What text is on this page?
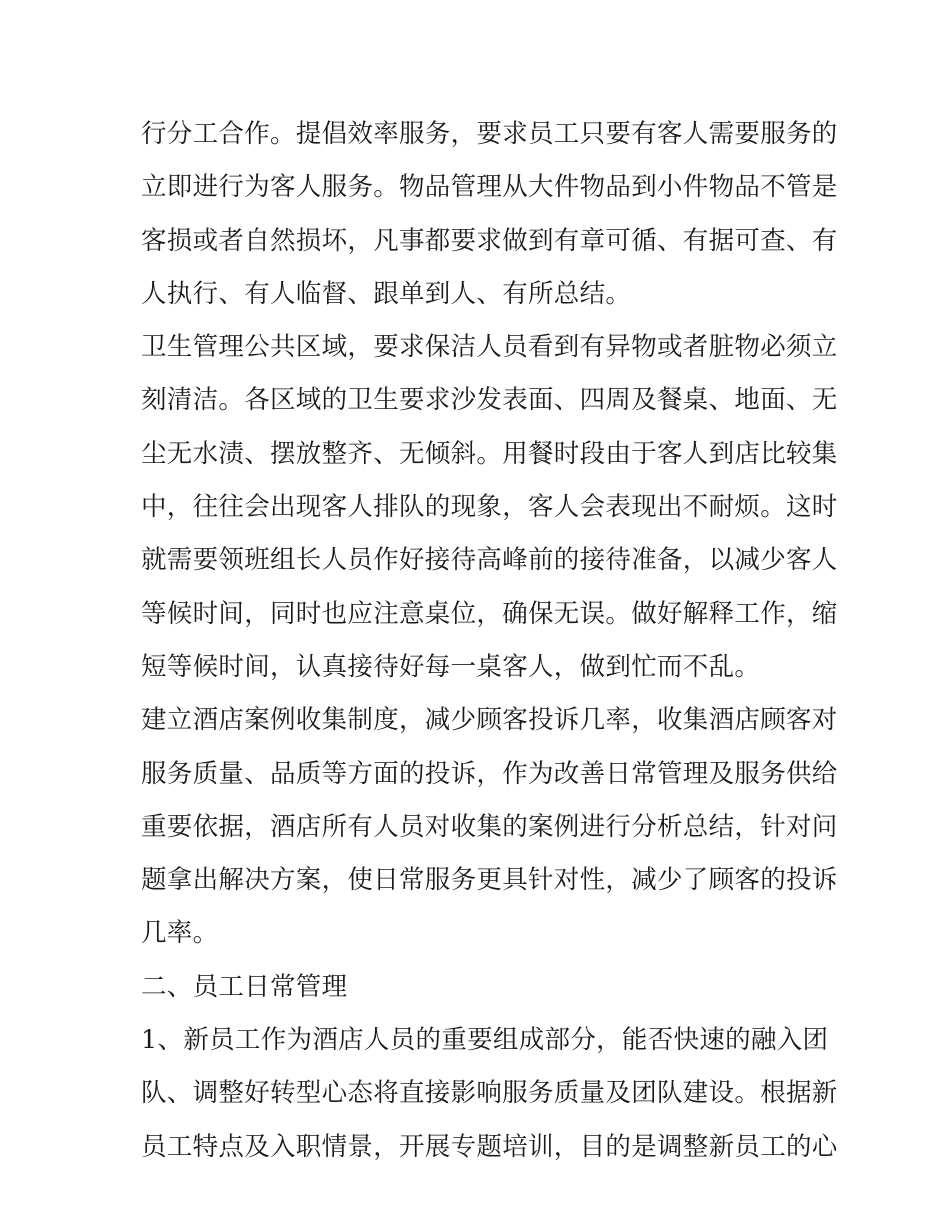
行分工合作。提倡效率服务，要求员工只要有客人需要服务的
立即进行为客人服务。物品管理从大件物品到小件物品不管是
客损或者自然损坏，凡事都要求做到有章可循、有据可查、有
人执行、有人临督、跟单到人、有所总结。
卫生管理公共区域，要求保洁人员看到有异物或者脏物必须立
刻清洁。各区域的卫生要求沙发表面、四周及餐桌、地面、无
尘无水渍、摆放整齐、无倾斜。用餐时段由于客人到店比较集
中，往往会出现客人排队的现象，客人会表现出不耐烦。这时
就需要领班组长人员作好接待高峰前的接待准备，以减少客人
等候时间，同时也应注意桌位，确保无误。做好解释工作，缩
短等候时间，认真接待好每一桌客人，做到忙而不乱。
建立酒店案例收集制度，减少顾客投诉几率，收集酒店顾客对
服务质量、品质等方面的投诉，作为改善日常管理及服务供给
重要依据，酒店所有人员对收集的案例进行分析总结，针对问
题拿出解决方案，使日常服务更具针对性，减少了顾客的投诉
几率。
二、员工日常管理
1、新员工作为酒店人员的重要组成部分，能否快速的融入团
队、调整好转型心态将直接影响服务质量及团队建设。根据新
员工特点及入职情景，开展专题培训，目的是调整新员工的心
